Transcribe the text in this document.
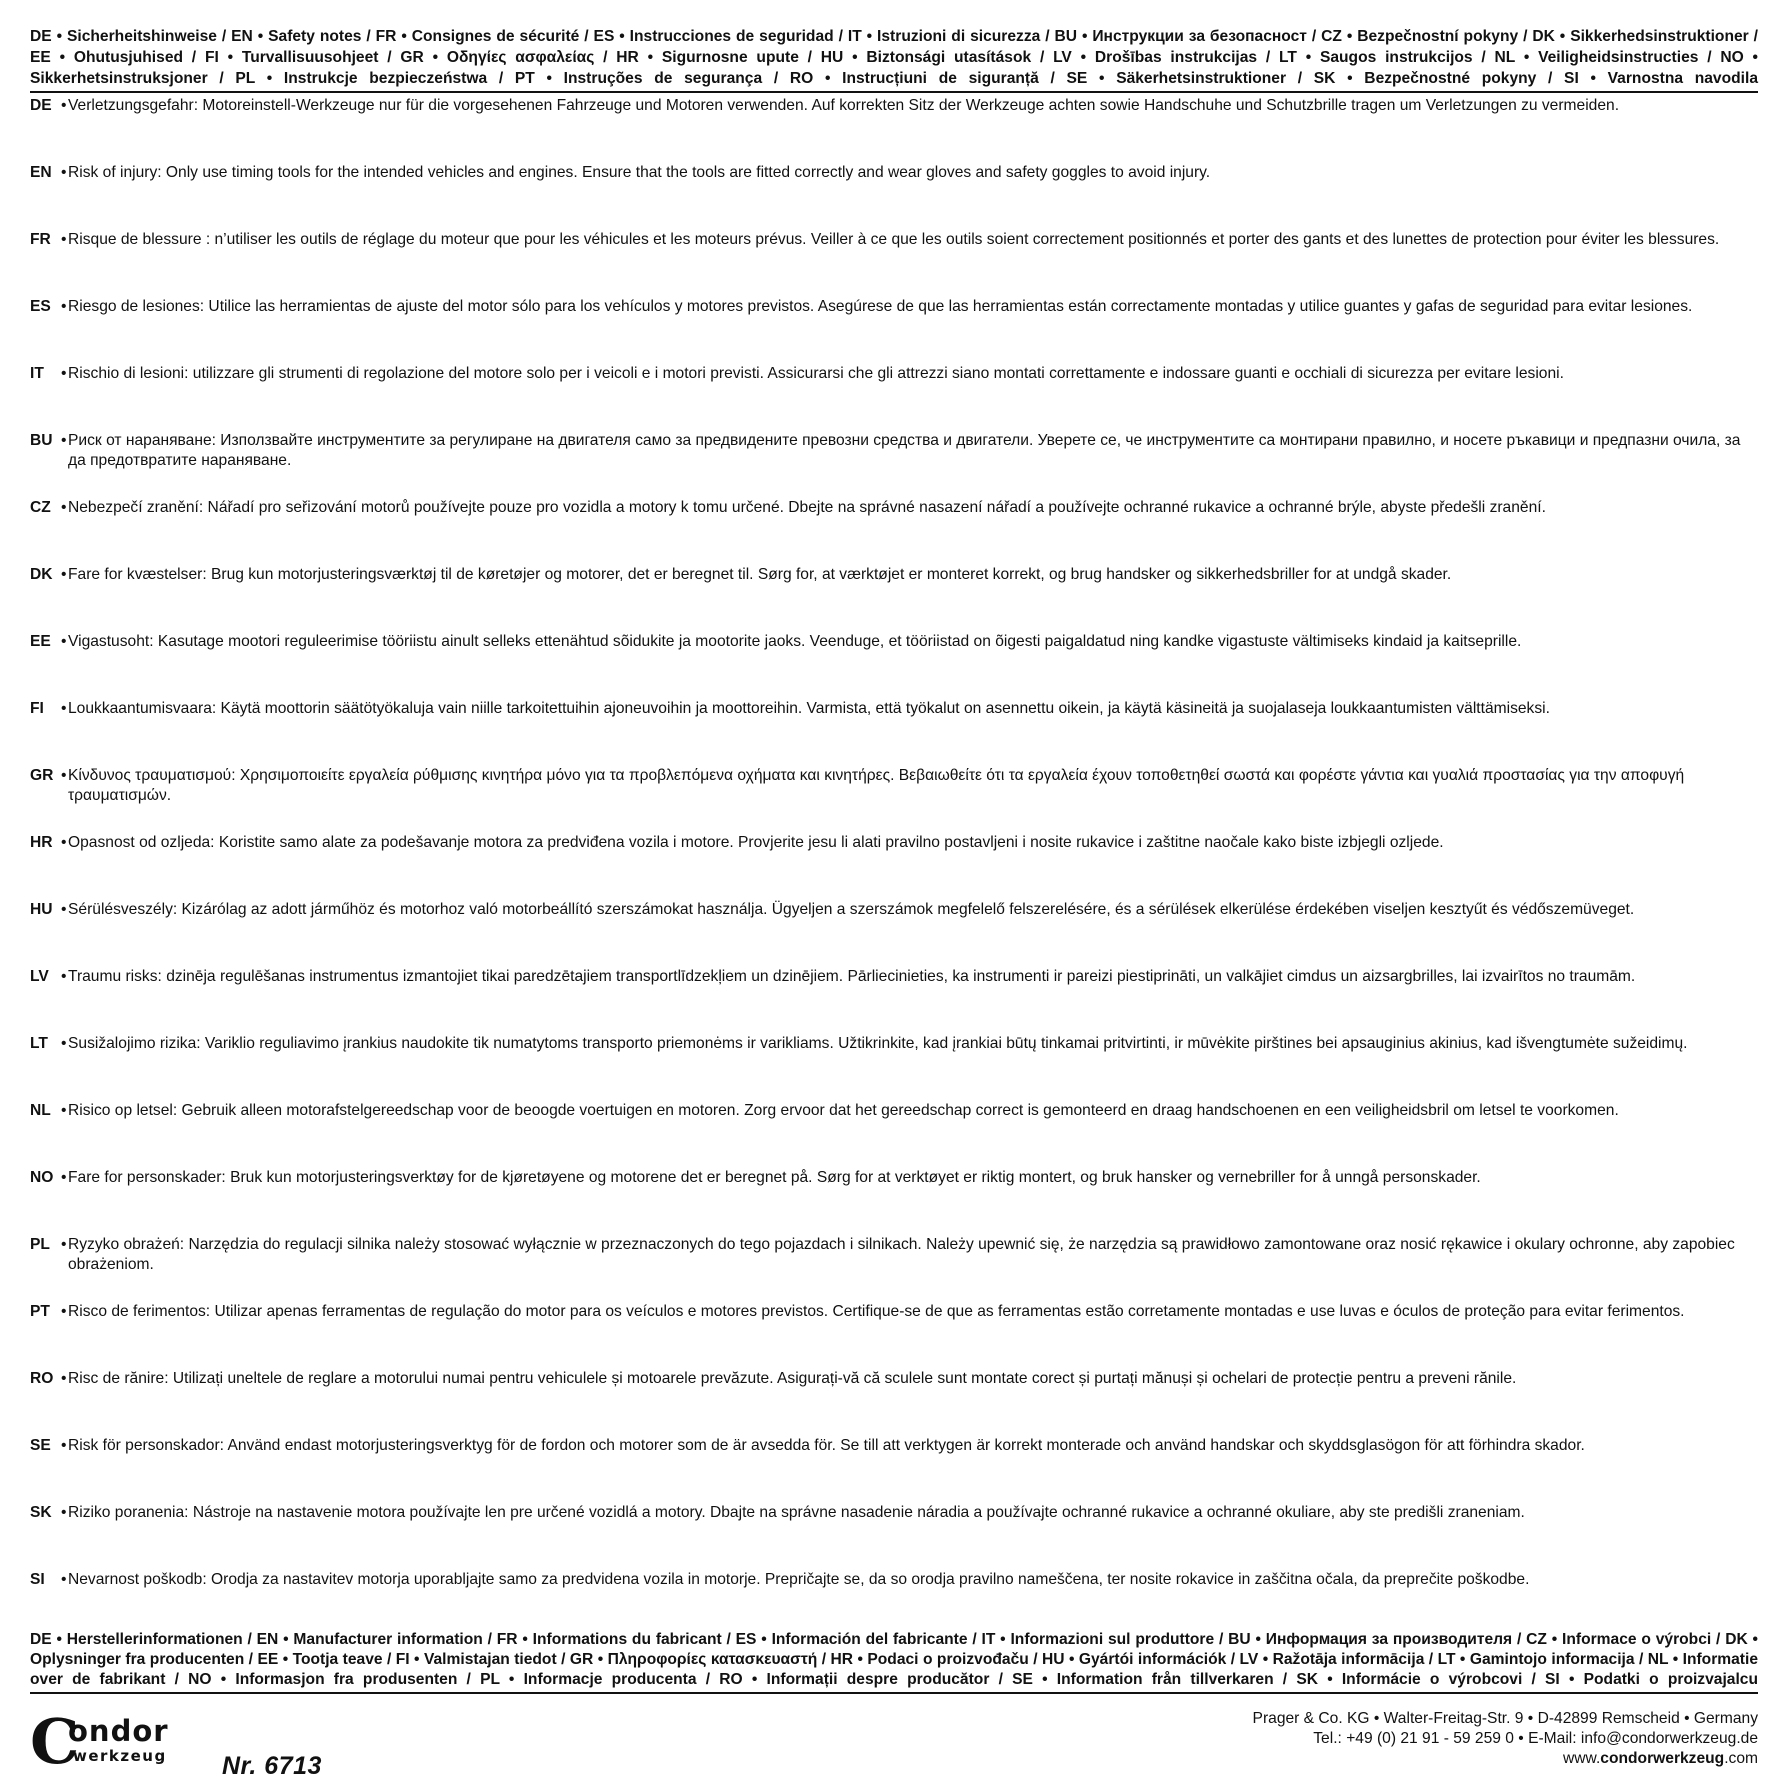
DE • Sicherheitshinweise / EN • Safety notes / FR • Consignes de sécurité / ES • Instrucciones de seguridad / IT • Istruzioni di sicurezza / BU • Инструкции за безопасност / CZ • Bezpečnostní pokyny / DK • Sikkerhedsinstruktioner / EE • Ohutusjuhised / FI • Turvallisuusohjeet / GR • Οδηγίες ασφαλείας / HR • Sigurnosne upute / HU • Biztonsági utasítások / LV • Drošības instrukcijas / LT • Saugos instrukcijos / NL • Veiligheidsinstructies / NO • Sikkerhetsinstruksjoner / PL • Instrukcje bezpieczeństwa / PT • Instruções de segurança / RO • Instrucțiuni de siguranță / SE • Säkerhetsinstruktioner / SK • Bezpečnostné pokyny / SI • Varnostna navodila
DE • Verletzungsgefahr: Motoreinstell-Werkzeuge nur für die vorgesehenen Fahrzeuge und Motoren verwenden. Auf korrekten Sitz der Werkzeuge achten sowie Handschuhe und Schutzbrille tragen um Verletzungen zu vermeiden.
EN • Risk of injury: Only use timing tools for the intended vehicles and engines. Ensure that the tools are fitted correctly and wear gloves and safety goggles to avoid injury.
FR • Risque de blessure : n’utiliser les outils de réglage du moteur que pour les véhicules et les moteurs prévus. Veiller à ce que les outils soient correctement positionnés et porter des gants et des lunettes de protection pour éviter les blessures.
ES • Riesgo de lesiones: Utilice las herramientas de ajuste del motor sólo para los vehículos y motores previstos. Asegúrese de que las herramientas están correctamente montadas y utilice guantes y gafas de seguridad para evitar lesiones.
IT	• Rischio di lesioni: utilizzare gli strumenti di regolazione del motore solo per i veicoli e i motori previsti. Assicurarsi che gli attrezzi siano montati correttamente e indossare guanti e occhiali di sicurezza per evitare lesioni.
BU • Риск от нараняване: Използвайте инструментите за регулиране на двигателя само за предвидените превозни средства и двигатели. Уверете се, че инструментите са монтирани правилно, и носете ръкавици и предпазни очила, за да предотвратите нараняване.
CZ • Nebezpečí zranění: Nářadí pro seřizování motorů používejte pouze pro vozidla a motory k tomu určené. Dbejte na správné nasazení nářadí a používejte ochranné rukavice a ochranné brýle, abyste předešli zranění.
DK • Fare for kvæstelser: Brug kun motorjusteringsværktøj til de køretøjer og motorer, det er beregnet til. Sørg for, at værktøjet er monteret korrekt, og brug handsker og sikkerhedsbriller for at undgå skader.
EE • Vigastusoht: Kasutage mootori reguleerimise tööriistu ainult selleks ettenähtud sõidukite ja mootorite jaoks. Veenduge, et tööriistad on õigesti paigaldatud ning kandke vigastuste vältimiseks kindaid ja kaitseprille.
FI	• Loukkaantumisvaara: Käytä moottorin säätötyökaluja vain niille tarkoitettuihin ajoneuvoihin ja moottoreihin. Varmista, että työkalut on asennettu oikein, ja käytä käsineitä ja suojalaseja loukkaantumisten välttämiseksi.
GR • Κίνδυνος τραυματισμού: Χρησιμοποιείτε εργαλεία ρύθμισης κινητήρα μόνο για τα προβλεπόμενα οχήματα και κινητήρες. Βεβαιωθείτε ότι τα εργαλεία έχουν τοποθετηθεί σωστά και φορέστε γάντια και γυαλιά προστασίας για την αποφυγή τραυματισμών.
HR • Opasnost od ozljeda: Koristite samo alate za podešavanje motora za predviđena vozila i motore. Provjerite jesu li alati pravilno postavljeni i nosite rukavice i zaštitne naočale kako biste izbjegli ozljede.
HU • Sérülésveszély: Kizárólag az adott járműhöz és motorhoz való motorbeállító szerszámokat használja. Ügyeljen a szerszámok megfelelő felszerelésére, és a sérülések elkerülése érdekében viseljen kesztyűt és védőszemüveget.
LV • Traumu risks: dzinēja regulēšanas instrumentus izmantojiet tikai paredzētajiem transportlīdzekļiem un dzinējiem. Pārliecinieties, ka instrumenti ir pareizi piestiprināti, un valkājiet cimdus un aizsargbrilles, lai izvairītos no traumām.
LT • Susižalojimo rizika: Variklio reguliavimo įrankius naudokite tik numatytoms transporto priemonėms ir varikliams. Užtikrinkite, kad įrankiai būtų tinkamai pritvirtinti, ir mūvėkite pirštines bei apsauginius akinius, kad išvengtumėte sužeidimų.
NL • Risico op letsel: Gebruik alleen motorafstelgereedschap voor de beoogde voertuigen en motoren. Zorg ervoor dat het gereedschap correct is gemonteerd en draag handschoenen en een veiligheidsbril om letsel te voorkomen.
NO • Fare for personskader: Bruk kun motorjusteringsverktøy for de kjøretøyene og motorene det er beregnet på. Sørg for at verktøyet er riktig montert, og bruk hansker og vernebriller for å unngå personskader.
PL • Ryzyko obrażeń: Narzędzia do regulacji silnika należy stosować wyłącznie w przeznaczonych do tego pojazdach i silnikach. Należy upewnić się, że narzędzia są prawidłowo zamontowane oraz nosić rękawice i okulary ochronne, aby zapobiec obrażeniom.
PT • Risco de ferimentos: Utilizar apenas ferramentas de regulação do motor para os veículos e motores previstos. Certifique-se de que as ferramentas estão corretamente montadas e use luvas e óculos de proteção para evitar ferimentos.
RO • Risc de rănire: Utilizați uneltele de reglare a motorului numai pentru vehiculele și motoarele prevăzute. Asigurați-vă că sculele sunt montate corect și purtați mănuși și ochelari de protecție pentru a preveni rănile.
SE • Risk för personskador: Använd endast motorjusteringsverktyg för de fordon och motorer som de är avsedda för. Se till att verktygen är korrekt monterade och använd handskar och skyddsglasögon för att förhindra skador.
SK • Riziko poranenia: Nástroje na nastavenie motora používajte len pre určené vozidlá a motory. Dbajte na správne nasadenie náradia a používajte ochranné rukavice a ochranné okuliare, aby ste predišli zraneniam.
SI	• Nevarnost poškodb: Orodja za nastavitev motorja uporabljajte samo za predvidena vozila in motorje. Prepričajte se, da so orodja pravilno nameščena, ter nosite rokavice in zaščitna očala, da preprečite poškodbe.
DE • Herstellerinformationen / EN • Manufacturer information / FR • Informations du fabricant / ES • Información del fabricante / IT • Informazioni sul produttore / BU • Информация за производителя / CZ • Informace o výrobci / DK • Oplysninger fra producenten / EE • Tootja teave / FI • Valmistajan tiedot / GR • Πληροφορίες κατασκευαστή / HR • Podaci o proizvođaču / HU • Gyártói információk / LV • Ražotāja informācija / LT • Gamintojo informacija / NL • Informatie over de fabrikant / NO • Informasjon fra produsenten / PL • Informacje producenta / RO • Informații despre producător / SE • Information från tillverkaren / SK • Informácie o výrobcovi / SI • Podatki o proizvajalcu
C
ondor
werkzeug Nr. 6713
Prager & Co. KG • Walter-Freitag-Str. 9 • D-42899 Remscheid • Germany
Tel.: +49 (0) 21 91 - 59 259 0 • E-Mail: info@condorwerkzeug.de
www.condorwerkzeug.com
